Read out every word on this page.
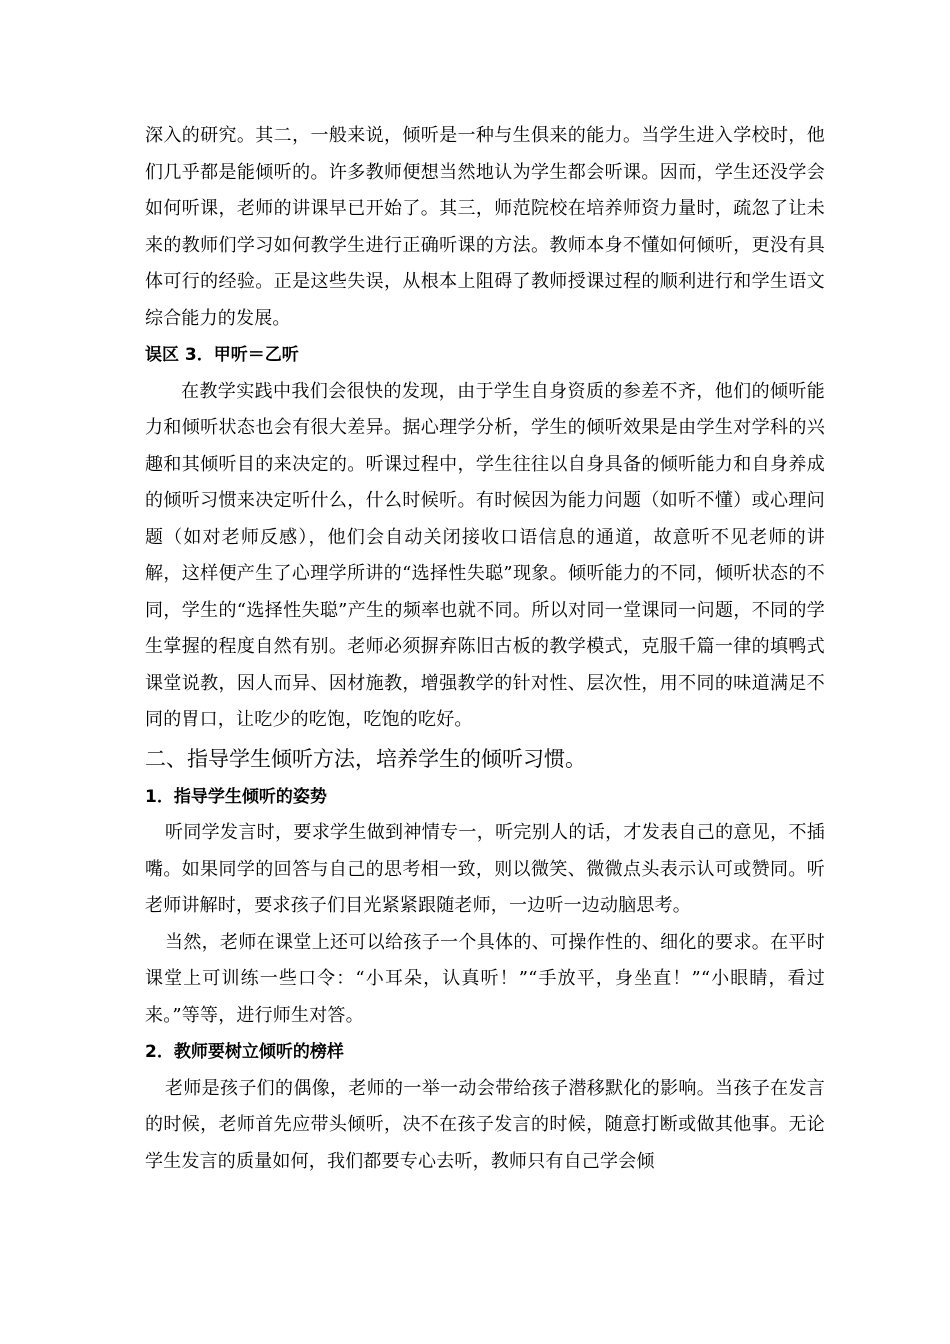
深入的研究。其二，一般来说，倾听是一种与生俱来的能力。当学生进入学校时，他们几乎都是能倾听的。许多教师便想当然地认为学生都会听课。因而，学生还没学会如何听课，老师的讲课早已开始了。其三，师范院校在培养师资力量时，疏忽了让未来的教师们学习如何教学生进行正确听课的方法。教师本身不懂如何倾听，更没有具体可行的经验。正是这些失误，从根本上阻碍了教师授课过程的顺利进行和学生语文综合能力的发展。

误区 3．甲听＝乙听

在教学实践中我们会很快的发现，由于学生自身资质的参差不齐，他们的倾听能力和倾听状态也会有很大差异。据心理学分析，学生的倾听效果是由学生对学科的兴趣和其倾听目的来决定的。听课过程中，学生往往以自身具备的倾听能力和自身养成的倾听习惯来决定听什么，什么时候听。有时候因为能力问题（如听不懂）或心理问题（如对老师反感），他们会自动关闭接收口语信息的通道，故意听不见老师的讲解，这样便产生了心理学所讲的“选择性失聪”现象。倾听能力的不同，倾听状态的不同，学生的“选择性失聪”产生的频率也就不同。所以对同一堂课同一问题，不同的学生掌握的程度自然有别。老师必须摒弃陈旧古板的教学模式，克服千篇一律的填鸭式课堂说教，因人而异、因材施教，增强教学的针对性、层次性，用不同的味道满足不同的胃口，让吃少的吃饱，吃饱的吃好。

二、指导学生倾听方法，培养学生的倾听习惯。

1．指导学生倾听的姿势

听同学发言时，要求学生做到神情专一，听完别人的话，才发表自己的意见，不插嘴。如果同学的回答与自己的思考相一致，则以微笑、微微点头表示认可或赞同。听老师讲解时，要求孩子们目光紧紧跟随老师，一边听一边动脑思考。

当然，老师在课堂上还可以给孩子一个具体的、可操作性的、细化的要求。在平时课堂上可训练一些口令：“小耳朵，认真听！”“手放平，身坐直！”“小眼睛，看过来。”等等，进行师生对答。

2．教师要树立倾听的榜样

老师是孩子们的偶像，老师的一举一动会带给孩子潜移默化的影响。当孩子在发言的时候，老师首先应带头倾听，决不在孩子发言的时候，随意打断或做其他事。无论学生发言的质量如何，我们都要专心去听，教师只有自己学会倾
